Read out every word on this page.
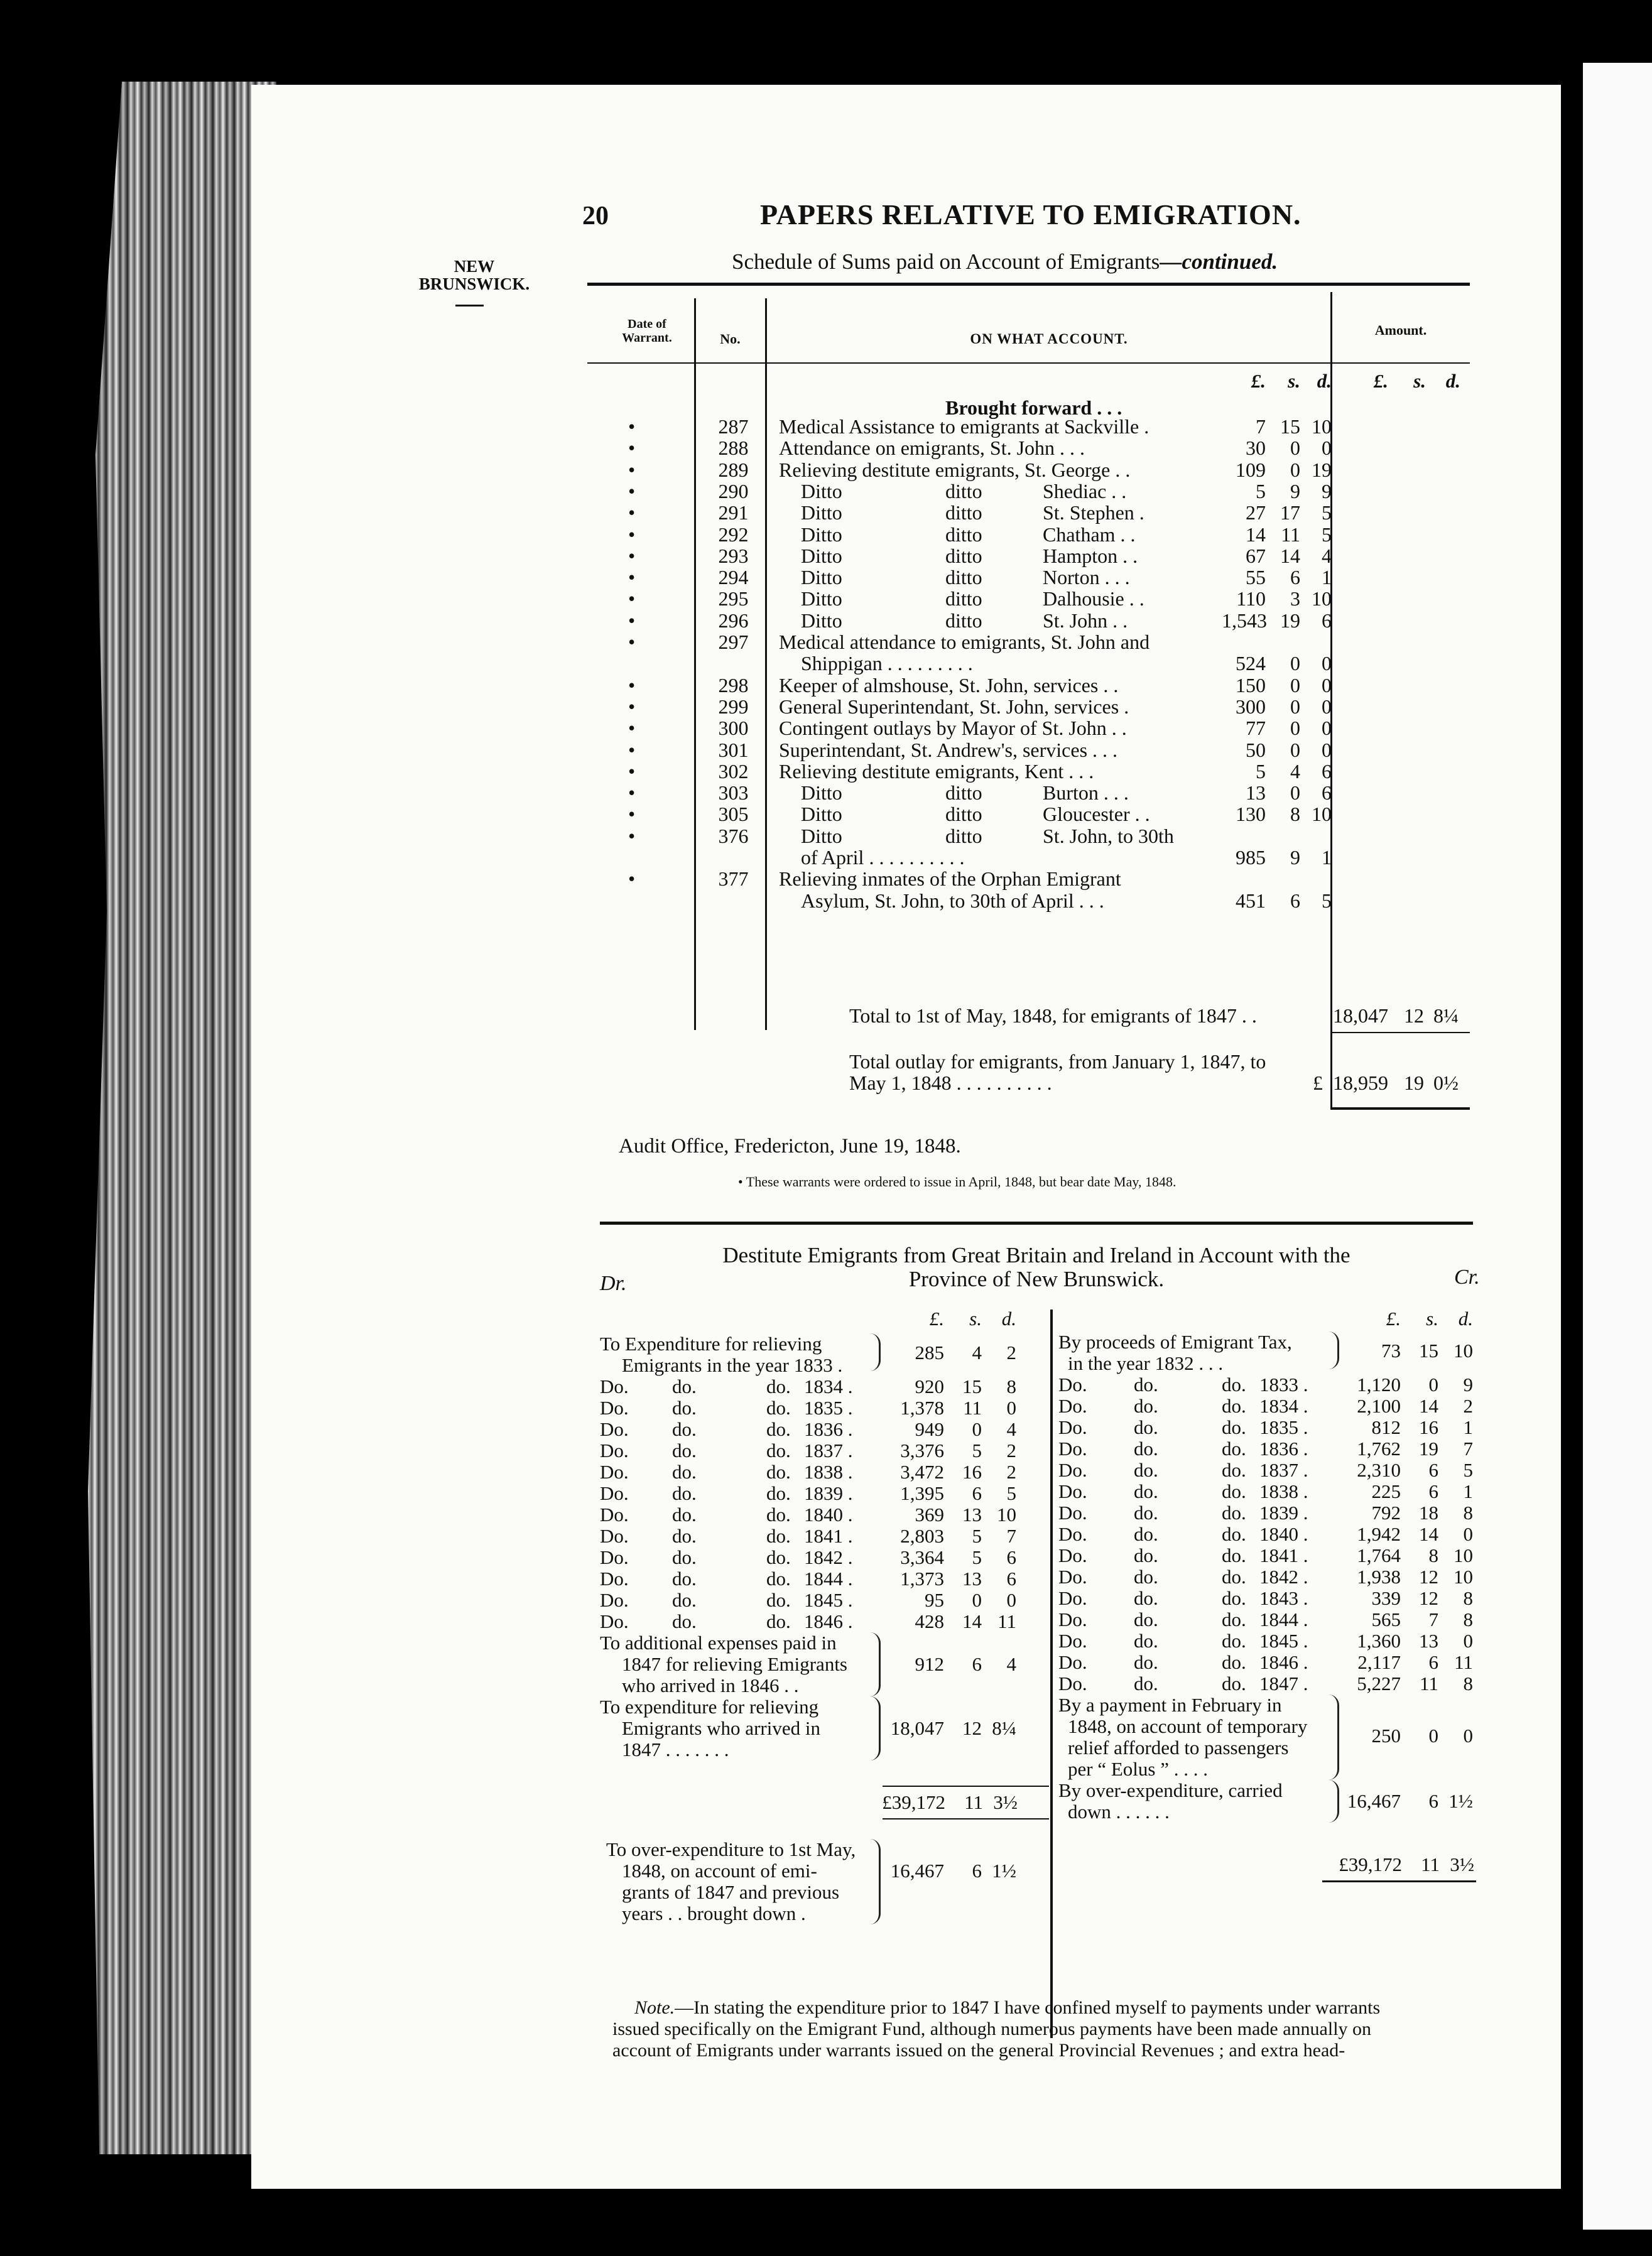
20	PAPERS RELATIVE TO EMIGRATION.
NEW
BRUNSWICK.
Schedule of Sums paid on Account of Emigrants—continued.
Date of
Warrant.	No.	ON WHAT ACCOUNT.
Amount.
£. s. d.	£. s. d.
Brought forward . . .
•	287	Medical Assistance to emigrants at Sackville .	7 15 10
•	288	Attendance on emigrants, St. John . . .	30 0 0
•	289	Relieving destitute emigrants, St. George . .	109 0 19
•	290	Ditto	ditto	Shediac . .	5 9 9
•	291	Ditto	ditto	St. Stephen .	27 17 5
•	292	Ditto	ditto	Chatham . .	14 11 5
•	293	Ditto	ditto	Hampton . .	67 14 4
•	294	Ditto	ditto	Norton . . .	55 6 1
•	295	Ditto	ditto	Dalhousie . .	110 3 10
•	296	Ditto	ditto	St. John . .	1,543 19 6
•	297	Medical attendance to emigrants, St. John and
Shippigan . . . . . . . . .	524 0 0
•	298	Keeper of almshouse, St. John, services . .	150 0 0
•	299	General Superintendant, St. John, services .	300 0 0
•	300	Contingent outlays by Mayor of St. John . .	77 0 0
•	301	Superintendant, St. Andrew's, services . . .	50 0 0
•	302	Relieving destitute emigrants, Kent . . .	5 4 6
•	303	Ditto	ditto	Burton . . .	13 0 6
•	305	Ditto	ditto	Gloucester . .	130 8 10
•	376	Ditto	ditto	St. John, to 30th
of April . . . . . . . . . .	985 9 1
•	377	Relieving inmates of the Orphan Emigrant
Asylum, St. John, to 30th of April . . .	451 6 5
Total to 1st of May, 1848, for emigrants of 1847 . .	18,047 12 8¼
Total outlay for emigrants, from January 1, 1847, to
May 1, 1848 . . . . . . . . . .	£ 18,959 19 0½
Audit Office, Fredericton, June 19, 1848.
• These warrants were ordered to issue in April, 1848, but bear date May, 1848.
Destitute Emigrants from Great Britain and Ireland in Account with the
Province of New Brunswick.
Dr.	Cr.
£. s. d.	£. s. d.
To Expenditure for relieving
Emigrants in the year 1833 .
285 4 2
Do. do.	do. 1834 .	920 15 8
Do. do.	do. 1835 .	1,378 11 0
Do. do.	do. 1836 .	949 0 4
Do. do.	do. 1837 .	3,376 5 2
Do. do.	do. 1838 .	3,472 16 2
Do. do.	do. 1839 .	1,395 6 5
Do. do.	do. 1840 .	369 13 10
Do. do.	do. 1841 .	2,803 5 7
Do. do.	do. 1842 .	3,364 5 6
Do. do.	do. 1844 .	1,373 13 6
Do. do.	do. 1845 .	95 0 0
Do. do.	do. 1846 .	428 14 11
To additional expenses paid in
1847 for relieving Emigrants
who arrived in 1846 . .
912 6 4
To expenditure for relieving
Emigrants who arrived in
1847 . . . . . . .
18,047 12 8¼
£39,172 11 3½
To over-expenditure to 1st May,
1848, on account of emi-
grants of 1847 and previous
years . . brought down .
16,467 6 1½
By proceeds of Emigrant Tax,
in the year 1832 . . .
73 15 10
Do. do.	do. 1833 .	1,120 0 9
Do. do.	do. 1834 .	2,100 14 2
Do. do.	do. 1835 .	812 16 1
Do. do.	do. 1836 .	1,762 19 7
Do. do.	do. 1837 .	2,310 6 5
Do. do.	do. 1838 .	225 6 1
Do. do.	do. 1839 .	792 18 8
Do. do.	do. 1840 .	1,942 14 0
Do. do.	do. 1841 .	1,764 8 10
Do. do.	do. 1842 .	1,938 12 10
Do. do.	do. 1843 .	339 12 8
Do. do.	do. 1844 .	565 7 8
Do. do.	do. 1845 .	1,360 13 0
Do. do.	do. 1846 .	2,117 6 11
Do. do.	do. 1847 .	5,227 11 8
By a payment in February in
1848, on account of temporary
relief afforded to passengers
per “ Eolus ” . . . .
250 0 0
By over-expenditure, carried
down . . . . . .	16,467 6 1½
£39,172 11 3½
Note.—In stating the expenditure prior to 1847 I have confined myself to payments under warrants
issued specifically on the Emigrant Fund, although numerous payments have been made annually on
account of Emigrants under warrants issued on the general Provincial Revenues ; and extra head-
